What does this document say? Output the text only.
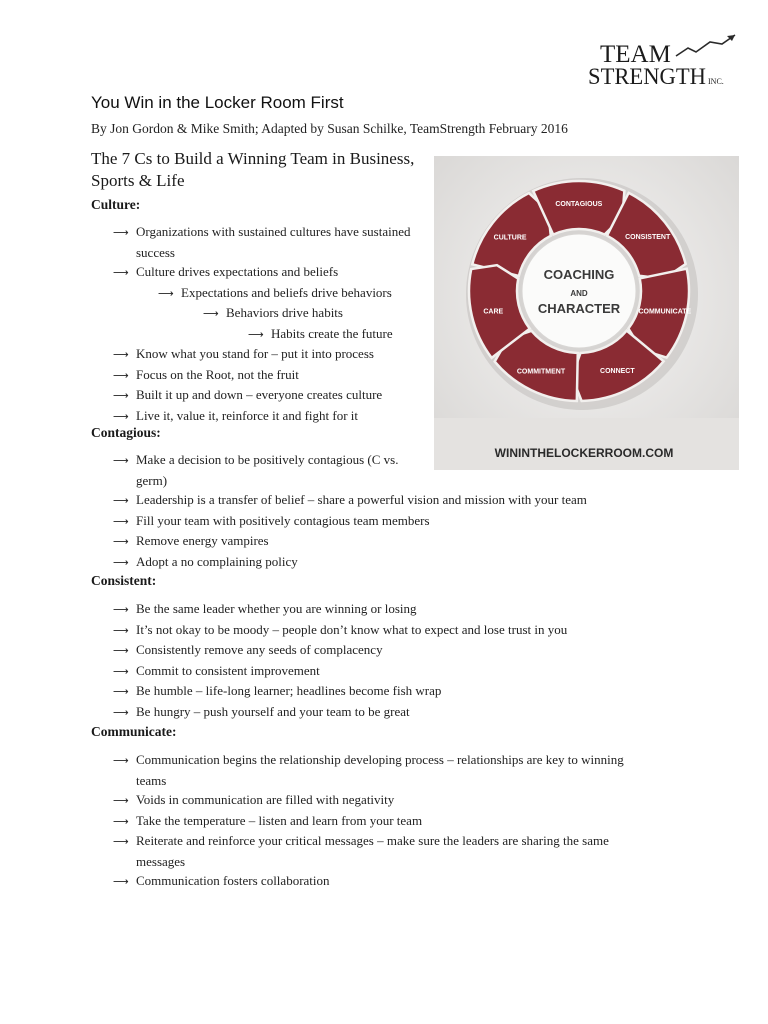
TEAM
STRENGTH INC.
You Win in the Locker Room First
By Jon Gordon & Mike Smith; Adapted by Susan Schilke, TeamStrength February 2016
The 7 Cs to Build a Winning Team in Business, Sports & Life
CULTURE
CONTAGIOUS
CONSISTENT
COMMUNICATE
CONNECT
COMMITMENT
CARE
COACHING
AND
CHARACTER
WININTHELOCKERROOM.COM
Culture:
⟶ Organizations with sustained cultures have sustained success
⟶ Culture drives expectations and beliefs
⟶ Expectations and beliefs drive behaviors
⟶ Behaviors drive habits
⟶ Habits create the future
⟶ Know what you stand for – put it into process
⟶ Focus on the Root, not the fruit
⟶ Built it up and down – everyone creates culture
⟶ Live it, value it, reinforce it and fight for it
Contagious:
⟶ Make a decision to be positively contagious (C vs. germ)
⟶ Leadership is a transfer of belief – share a powerful vision and mission with your team
⟶ Fill your team with positively contagious team members
⟶ Remove energy vampires
⟶ Adopt a no complaining policy
Consistent:
⟶ Be the same leader whether you are winning or losing
⟶ It’s not okay to be moody – people don’t know what to expect and lose trust in you
⟶ Consistently remove any seeds of complacency
⟶ Commit to consistent improvement
⟶ Be humble – life-long learner; headlines become fish wrap
⟶ Be hungry – push yourself and your team to be great
Communicate:
⟶ Communication begins the relationship developing process – relationships are key to winning teams
⟶ Voids in communication are filled with negativity
⟶ Take the temperature – listen and learn from your team
⟶ Reiterate and reinforce your critical messages – make sure the leaders are sharing the same messages
⟶ Communication fosters collaboration
